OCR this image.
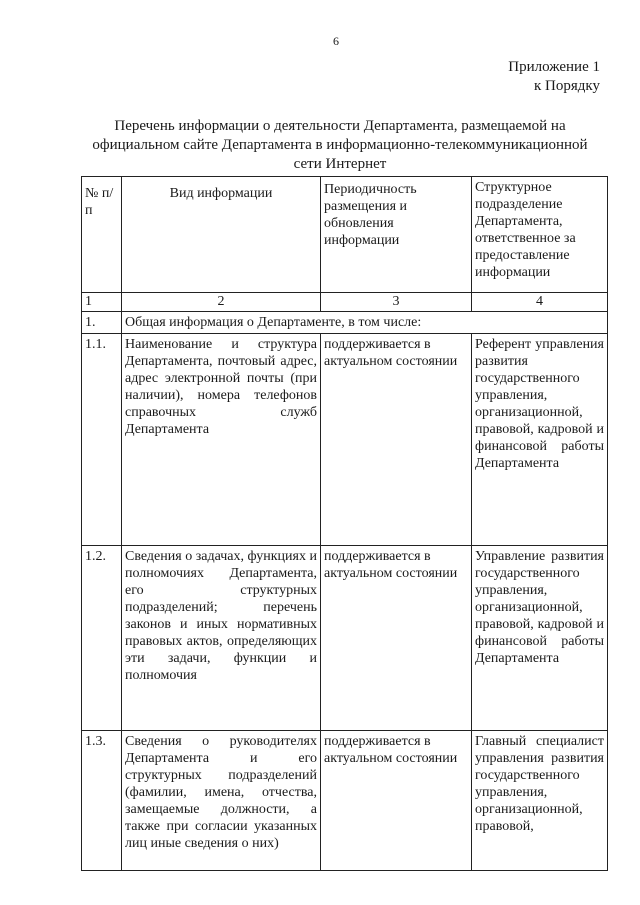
6
Приложение 1
к Порядку
Перечень информации о деятельности Департамента, размещаемой на
официальном сайте Департамента в информационно-телекоммуникационной
сети Интернет
№ п/п	Вид информации	Периодичность размещения и обновления информации	Структурное подразделение Департамента, ответственное за предоставление информации
1	2	3	4
1.	Общая информация о Департаменте, в том числе:		
1.1.	Наименование и структура Департамента, почтовый адрес, адрес электронной почты (при наличии), номера телефонов справочных служб Департамента	поддерживается в актуальном состоянии	Референт управления развития государственного управления, организационной, правовой, кадровой и финансовой работы Департамента
1.2.	Сведения о задачах, функциях и полномочиях Департамента, его структурных подразделений; перечень законов и иных нормативных правовых актов, определяющих эти задачи, функции и полномочия	поддерживается в актуальном состоянии	Управление развития государственного управления, организационной, правовой, кадровой и финансовой работы Департамента
1.3.	Сведения о руководителях Департамента и его структурных подразделений (фамилии, имена, отчества, замещаемые должности, а также при согласии указанных лиц иные сведения о них)	поддерживается в актуальном состоянии	Главный специалист управления развития государственного управления, организационной, правовой,
